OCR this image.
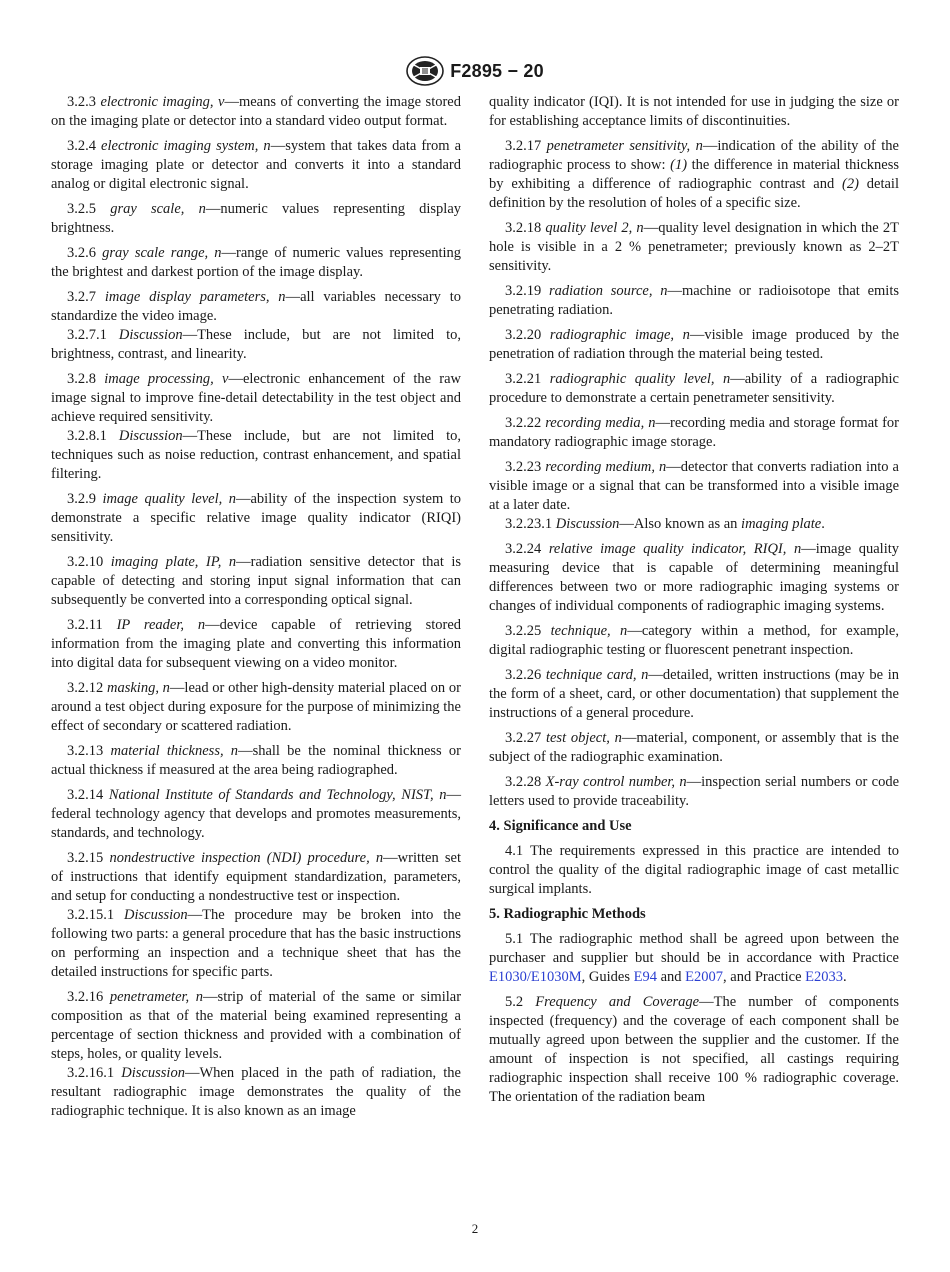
F2895 − 20

3.2.3 electronic imaging, v—means of converting the image stored on the imaging plate or detector into a standard video output format.

3.2.4 electronic imaging system, n—system that takes data from a storage imaging plate or detector and converts it into a standard analog or digital electronic signal.

3.2.5 gray scale, n—numeric values representing display brightness.

3.2.6 gray scale range, n—range of numeric values representing the brightest and darkest portion of the image display.

3.2.7 image display parameters, n—all variables necessary to standardize the video image.

3.2.7.1 Discussion—These include, but are not limited to, brightness, contrast, and linearity.

3.2.8 image processing, v—electronic enhancement of the raw image signal to improve fine-detail detectability in the test object and achieve required sensitivity.

3.2.8.1 Discussion—These include, but are not limited to, techniques such as noise reduction, contrast enhancement, and spatial filtering.

3.2.9 image quality level, n—ability of the inspection system to demonstrate a specific relative image quality indicator (RIQI) sensitivity.

3.2.10 imaging plate, IP, n—radiation sensitive detector that is capable of detecting and storing input signal information that can subsequently be converted into a corresponding optical signal.

3.2.11 IP reader, n—device capable of retrieving stored information from the imaging plate and converting this information into digital data for subsequent viewing on a video monitor.

3.2.12 masking, n—lead or other high-density material placed on or around a test object during exposure for the purpose of minimizing the effect of secondary or scattered radiation.

3.2.13 material thickness, n—shall be the nominal thickness or actual thickness if measured at the area being radiographed.

3.2.14 National Institute of Standards and Technology, NIST, n—federal technology agency that develops and promotes measurements, standards, and technology.

3.2.15 nondestructive inspection (NDI) procedure, n—written set of instructions that identify equipment standardization, parameters, and setup for conducting a nondestructive test or inspection.

3.2.15.1 Discussion—The procedure may be broken into the following two parts: a general procedure that has the basic instructions on performing an inspection and a technique sheet that has the detailed instructions for specific parts.

3.2.16 penetrameter, n—strip of material of the same or similar composition as that of the material being examined representing a percentage of section thickness and provided with a combination of steps, holes, or quality levels.

3.2.16.1 Discussion—When placed in the path of radiation, the resultant radiographic image demonstrates the quality of the radiographic technique. It is also known as an image

quality indicator (IQI). It is not intended for use in judging the size or for establishing acceptance limits of discontinuities.

3.2.17 penetrameter sensitivity, n—indication of the ability of the radiographic process to show: (1) the difference in material thickness by exhibiting a difference of radiographic contrast and (2) detail definition by the resolution of holes of a specific size.

3.2.18 quality level 2, n—quality level designation in which the 2T hole is visible in a 2 % penetrameter; previously known as 2–2T sensitivity.

3.2.19 radiation source, n—machine or radioisotope that emits penetrating radiation.

3.2.20 radiographic image, n—visible image produced by the penetration of radiation through the material being tested.

3.2.21 radiographic quality level, n—ability of a radiographic procedure to demonstrate a certain penetrameter sensitivity.

3.2.22 recording media, n—recording media and storage format for mandatory radiographic image storage.

3.2.23 recording medium, n—detector that converts radiation into a visible image or a signal that can be transformed into a visible image at a later date.

3.2.23.1 Discussion—Also known as an imaging plate.

3.2.24 relative image quality indicator, RIQI, n—image quality measuring device that is capable of determining meaningful differences between two or more radiographic imaging systems or changes of individual components of radiographic imaging systems.

3.2.25 technique, n—category within a method, for example, digital radiographic testing or fluorescent penetrant inspection.

3.2.26 technique card, n—detailed, written instructions (may be in the form of a sheet, card, or other documentation) that supplement the instructions of a general procedure.

3.2.27 test object, n—material, component, or assembly that is the subject of the radiographic examination.

3.2.28 X-ray control number, n—inspection serial numbers or code letters used to provide traceability.

4. Significance and Use

4.1 The requirements expressed in this practice are intended to control the quality of the digital radiographic image of cast metallic surgical implants.

5. Radiographic Methods

5.1 The radiographic method shall be agreed upon between the purchaser and supplier but should be in accordance with Practice E1030/E1030M, Guides E94 and E2007, and Practice E2033.

5.2 Frequency and Coverage—The number of components inspected (frequency) and the coverage of each component shall be mutually agreed upon between the supplier and the customer. If the amount of inspection is not specified, all castings requiring radiographic inspection shall receive 100 % radiographic coverage. The orientation of the radiation beam

2
